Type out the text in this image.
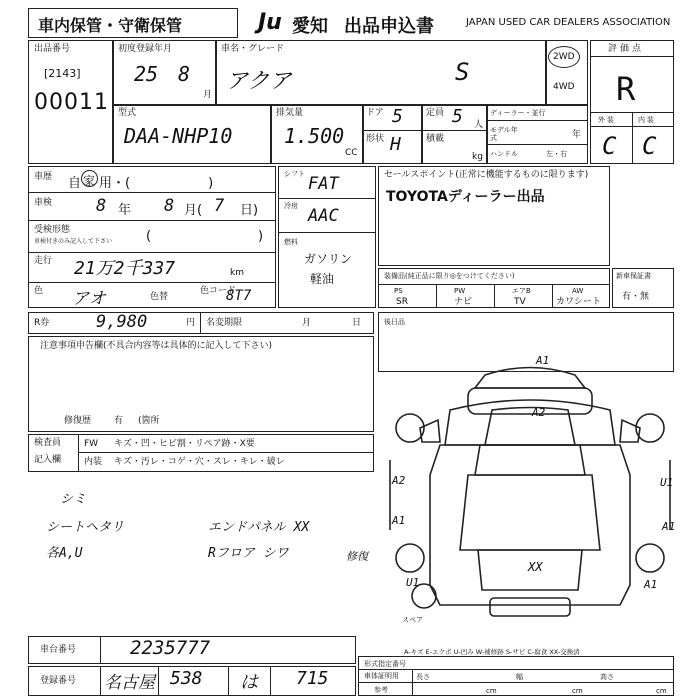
車内保管・守衛保管	Ju 愛知 出品申込書	JAPAN USED CAR DEALERS ASSOCIATION
出品番号
[2143]
00011
初度登録年月
25 8
月
車名・グレード
アクア	S
2WD
4WD
型式
DAA-NHP10
排気量
1.500
CC
ドア 5
形状 H
定員 5 人
積載
kg
ディーラー・並行
モデル年式	年
ハンドル	左・右
評価点
R
外装	内装
C C
車歴 自 家 用・(　　　　　　)
車検	8 年 8 月( 7 日)
受検形態
車検付きのみ記入して下さい	(	)
走行 21万2千337	km
色 アオ	色替
色コード
8T7
シフト FAT
冷房 AAC
燃料
ガソリン
軽油
セールスポイント(正常に機能するものに限ります)
TOYOTAディーラー出品
装備品(純正品に限り◎をつけてください)
PS	PW	エアB	AW
SR	ナビ	TV	カワシート
新車保証書
有・無
R券	9,980	円 名変期限	月	日	後日品
注意事項申告欄(不具合内容等は具体的に記入して下さい)
修復歴	有 (箇所
検査員
記入欄
FW キズ・凹・ヒビ割・リペア跡・X要
内装 キズ・汚レ・コゲ・穴・スレ・キレ・破レ
シミ
シートヘタリ	エンドパネル XX
各A,U	Rフロア シワ	修復
A1
A2
A2
A1
U1
A1
XX
U1	A1
スペア
A-キズ E-エクボ U-凹み W-補修跡 S-サビ C-腐食 XX-交換済
車台番号	2235777
登録番号 名古屋 538 は 715
形式指定番号
車体証明用
参考
長さ	幅	高さ
cm	cm	cm
